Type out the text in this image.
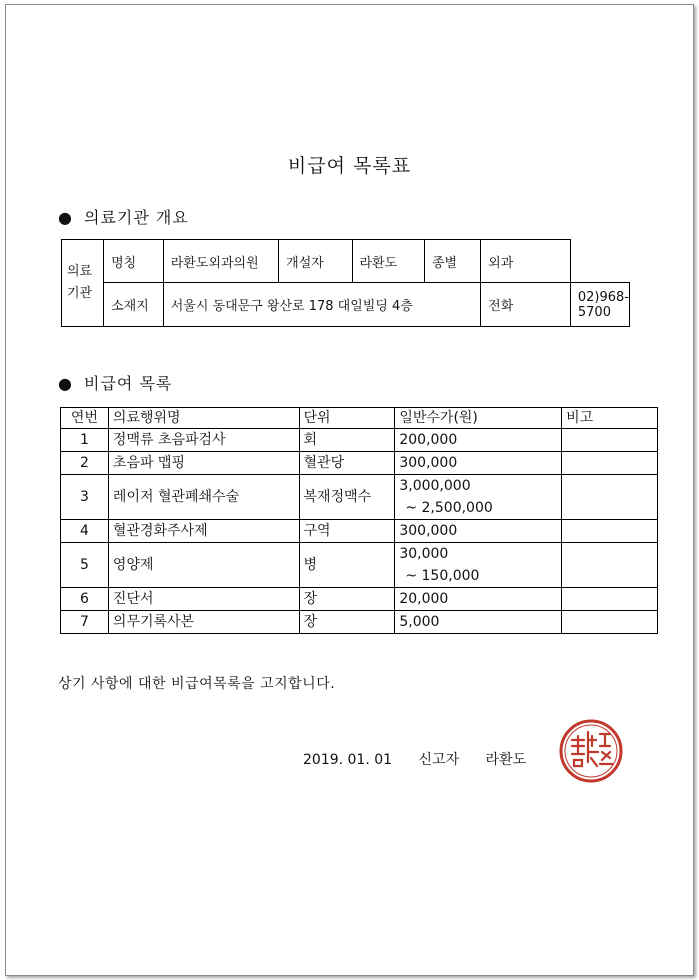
비급여 목록표
● 의료기관 개요
의료
기관	명칭	라환도외과의원	개설자	라환도	종별	외과	
	소재지	서울시 동대문구 왕산로 178 대일빌딩 4층				전화	02)968-5700
● 비급여 목록
연번	의료행위명	단위	일반수가(원)	비고
1	정맥류 초음파검사	회	200,000	

2	초음파 맵핑	혈관당	300,000	

3	레이저 혈관폐쇄수술	복재정맥수	3,000,000
~ 2,500,000	

4	혈관경화주사제	구역	300,000	

5	영양제	병	30,000
~ 150,000	

6	진단서	장	20,000	

7	의무기록사본	장	5,000	

상기 사항에 대한 비급여목록을 고지합니다.
2019. 01. 01 신고자 라환도
